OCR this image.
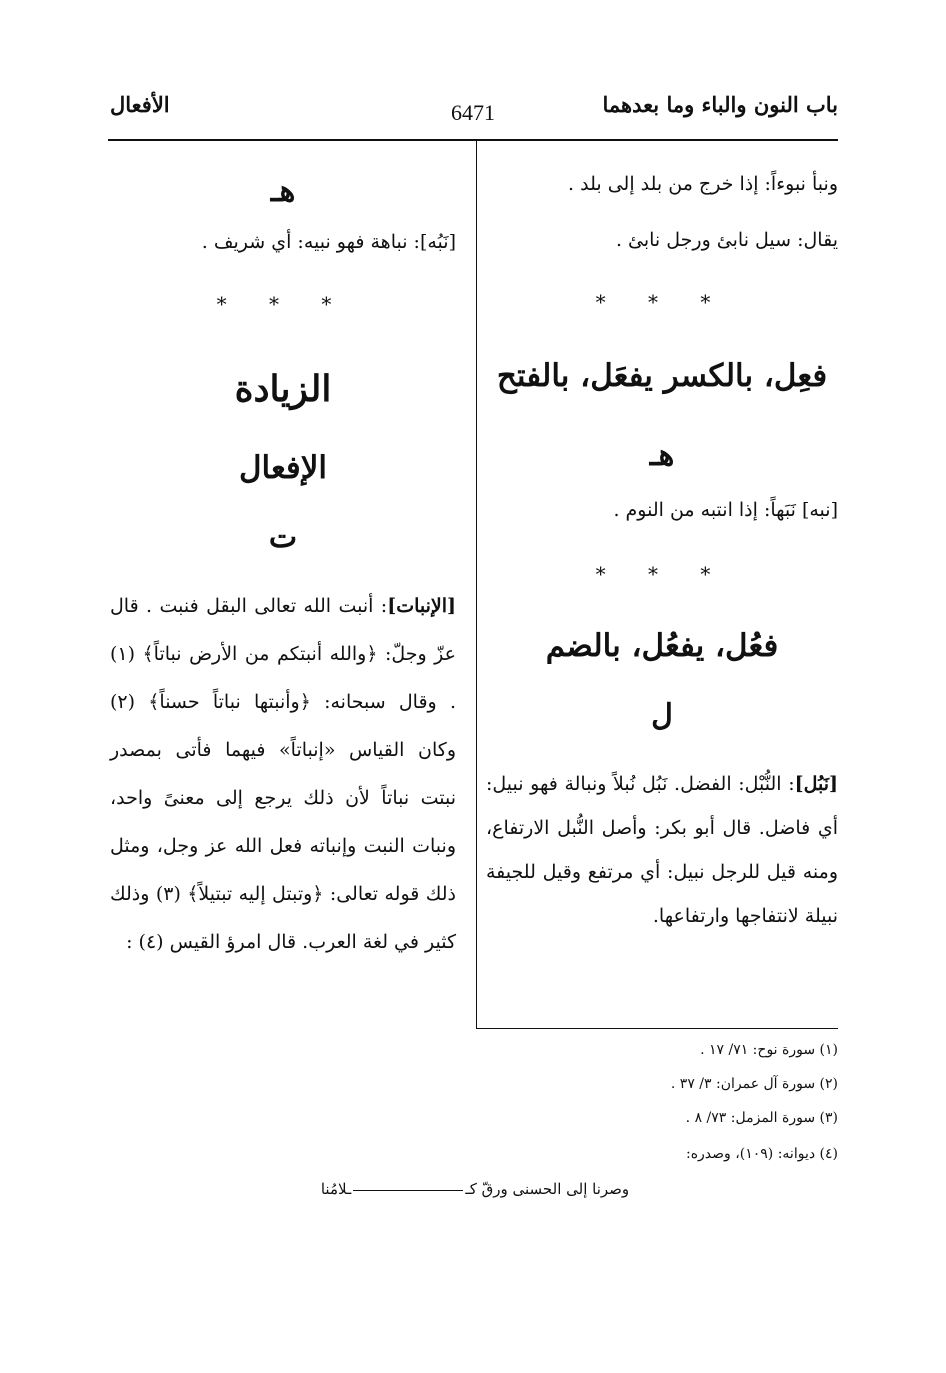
باب النون والباء وما بعدهما
6471
الأفعال
ونبأ نبوءاً: إذا خرج من بلد إلى بلد .
يقال: سيل نابئ ورجل نابئ .
* * *
فعِل، بالكسر يفعَل، بالفتح
هـ
[نبه] نَبَهاً: إذا انتبه من النوم .
* * *
فعُل، يفعُل، بالضم
ل
[نَبُل]: النُّبْل: الفضل. نَبُل نُبلاً ونبالة فهو نبيل: أي فاضل. قال أبو بكر: وأصل النُّبل الارتفاع، ومنه قيل للرجل نبيل: أي مرتفع وقيل للجيفة نبيلة لانتفاجها وارتفاعها.
هـ
[نَبُه]: نباهة فهو نبيه: أي شريف .
* * *
الزيادة
الإفعال
ت
[الإنبات]: أنبت الله تعالى البقل فنبت . قال عزّ وجلّ: ﴿والله أنبتكم من الأرض نباتاً﴾ (١) . وقال سبحانه: ﴿وأنبتها نباتاً حسناً﴾ (٢) وكان القياس «إنباتاً» فيهما فأتى بمصدر نبتت نباتاً لأن ذلك يرجع إلى معنىً واحد، ونبات النبت وإنباته فعل الله عز وجل، ومثل ذلك قوله تعالى: ﴿وتبتل إليه تبتيلاً﴾ (٣) وذلك كثير في لغة العرب. قال امرؤ القيس (٤) :
(١) سورة نوح: ٧١/ ١٧ .
(٢) سورة آل عمران: ٣/ ٣٧ .
(٣) سورة المزمل: ٧٣/ ٨ .
(٤) ديوانه: (١٠٩)، وصدره:
وصرنا إلى الحسنى ورقّ كــلامُنا
